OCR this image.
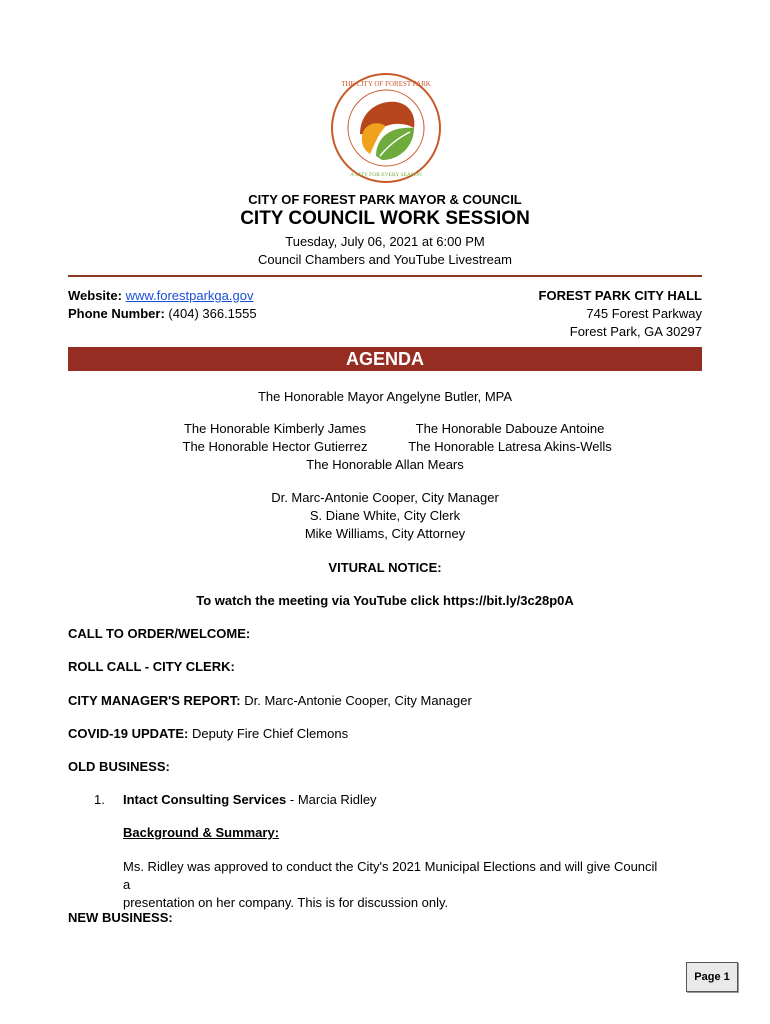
THE CITY OF FOREST PARK
A CITY FOR EVERY SEASON
CITY OF FOREST PARK MAYOR & COUNCIL
CITY COUNCIL WORK SESSION
Tuesday, July 06, 2021 at 6:00 PM
Council Chambers and YouTube Livestream
Website: www.forestparkga.gov
Phone Number: (404) 366.1555
FOREST PARK CITY HALL
745 Forest Parkway
Forest Park, GA 30297
AGENDA
The Honorable Mayor Angelyne Butler, MPA
The Honorable Kimberly James	The Honorable Dabouze Antoine
The Honorable Hector Gutierrez	The Honorable Latresa Akins-Wells
The Honorable Allan Mears
Dr. Marc-Antonie Cooper, City Manager
S. Diane White, City Clerk
Mike Williams, City Attorney
VITURAL NOTICE:
To watch the meeting via YouTube click https://bit.ly/3c28p0A
CALL TO ORDER/WELCOME:
ROLL CALL - CITY CLERK:
CITY MANAGER'S REPORT: Dr. Marc-Antonie Cooper, City Manager
COVID-19 UPDATE: Deputy Fire Chief Clemons
OLD BUSINESS:
1. Intact Consulting Services - Marcia Ridley
Background & Summary:
Ms. Ridley was approved to conduct the City's 2021 Municipal Elections and will give Council a
presentation on her company. This is for discussion only.
NEW BUSINESS:
Page 1
